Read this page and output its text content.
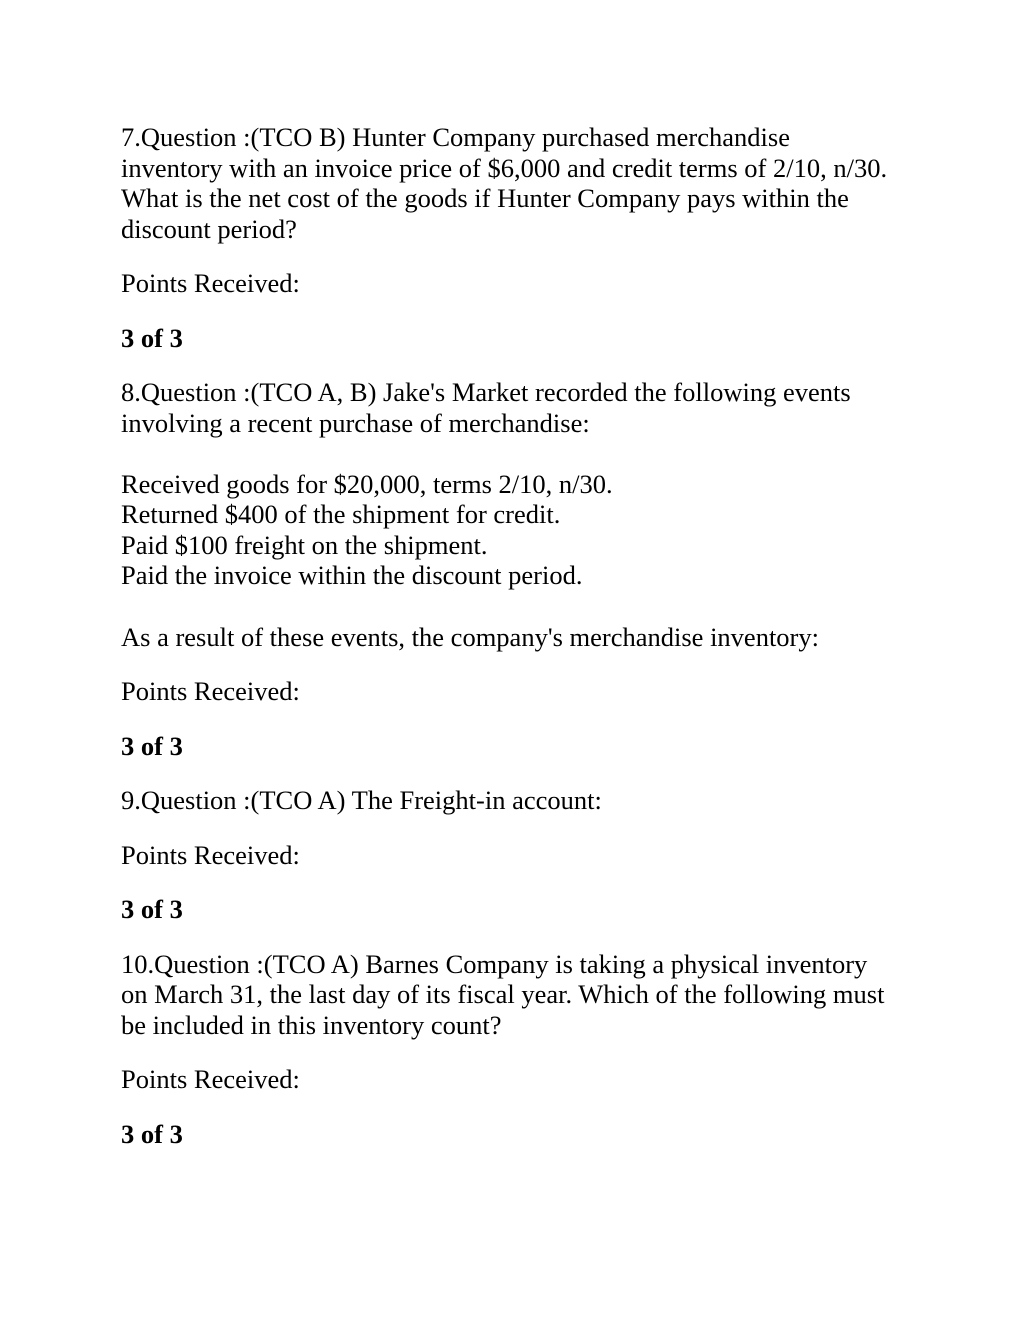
7.Question :(TCO B) Hunter Company purchased merchandise
inventory with an invoice price of $6,000 and credit terms of 2/10, n/30.
What is the net cost of the goods if Hunter Company pays within the
discount period?

Points Received:

3 of 3

8.Question :(TCO A, B) Jake's Market recorded the following events
involving a recent purchase of merchandise:

Received goods for $20,000, terms 2/10, n/30.
Returned $400 of the shipment for credit.
Paid $100 freight on the shipment.
Paid the invoice within the discount period.

As a result of these events, the company's merchandise inventory:

Points Received:

3 of 3

9.Question :(TCO A) The Freight-in account:

Points Received:

3 of 3

10.Question :(TCO A) Barnes Company is taking a physical inventory
on March 31, the last day of its fiscal year. Which of the following must
be included in this inventory count?

Points Received:

3 of 3
